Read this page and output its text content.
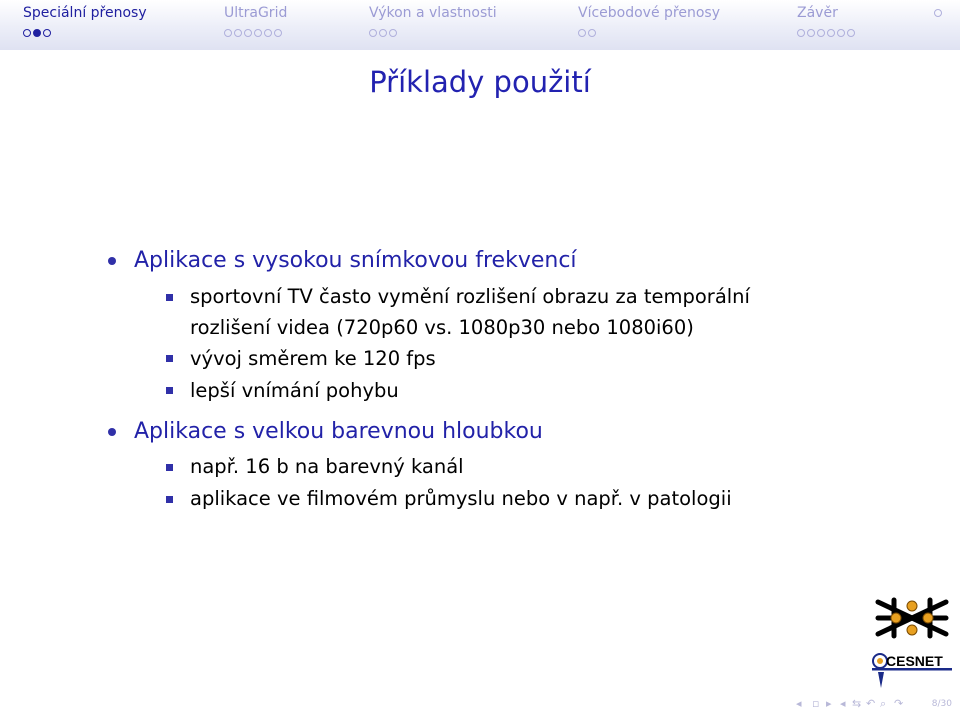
Speciální přenosy	UltraGrid	Výkon a vlastnosti	Vícebodové přenosy	Závěr
Příklady použití
Aplikace s vysokou snímkovou frekvencí
sportovní TV často vymění rozlišení obrazu za temporální
rozlišení videa (720p60 vs. 1080p30 nebo 1080i60)
vývoj směrem ke 120 fps
lepší vnímání pohybu
Aplikace s velkou barevnou hloubkou
např. 16 b na barevný kanál
aplikace ve filmovém průmyslu nebo v např. v patologii
CESNET
◂ ▫ ▸ ◂ ⇆ ↶ ⌕ ↷	8/30
